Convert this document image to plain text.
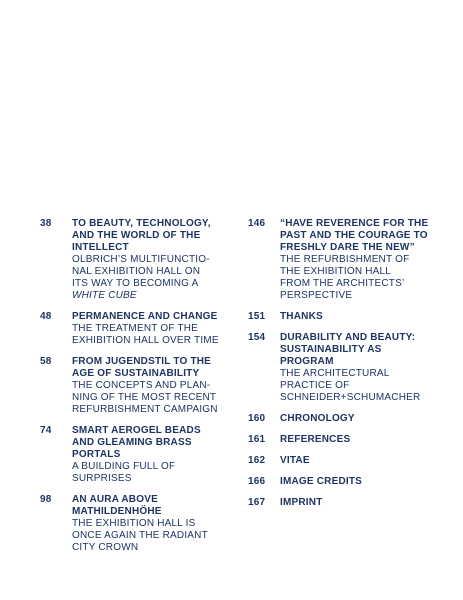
38	TO BEAUTY, TECHNOLOGY,
AND THE WORLD OF THE
INTELLECT
OLBRICH’S MULTIFUNCTIO-
NAL EXHIBITION HALL ON
ITS WAY TO BECOMING A
WHITE CUBE
48	PERMANENCE AND CHANGE
THE TREATMENT OF THE
EXHIBITION HALL OVER TIME
58	FROM JUGENDSTIL TO THE
AGE OF SUSTAINABILITY
THE CONCEPTS AND PLAN-
NING OF THE MOST RECENT
REFURBISHMENT CAMPAIGN
74	SMART AEROGEL BEADS
AND GLEAMING BRASS
PORTALS
A BUILDING FULL OF
SURPRISES
98	AN AURA ABOVE
MATHILDENHÖHE
THE EXHIBITION HALL IS
ONCE AGAIN THE RADIANT
CITY CROWN
146	“HAVE REVERENCE FOR THE
PAST AND THE COURAGE TO
FRESHLY DARE THE NEW”
THE REFURBISHMENT OF
THE EXHIBITION HALL
FROM THE ARCHITECTS’
PERSPECTIVE
151	THANKS
154	DURABILITY AND BEAUTY:
SUSTAINABILITY AS
PROGRAM
THE ARCHITECTURAL
PRACTICE OF
SCHNEIDER+SCHUMACHER
160	CHRONOLOGY
161	REFERENCES
162	VITAE
166	IMAGE CREDITS
167	IMPRINT
